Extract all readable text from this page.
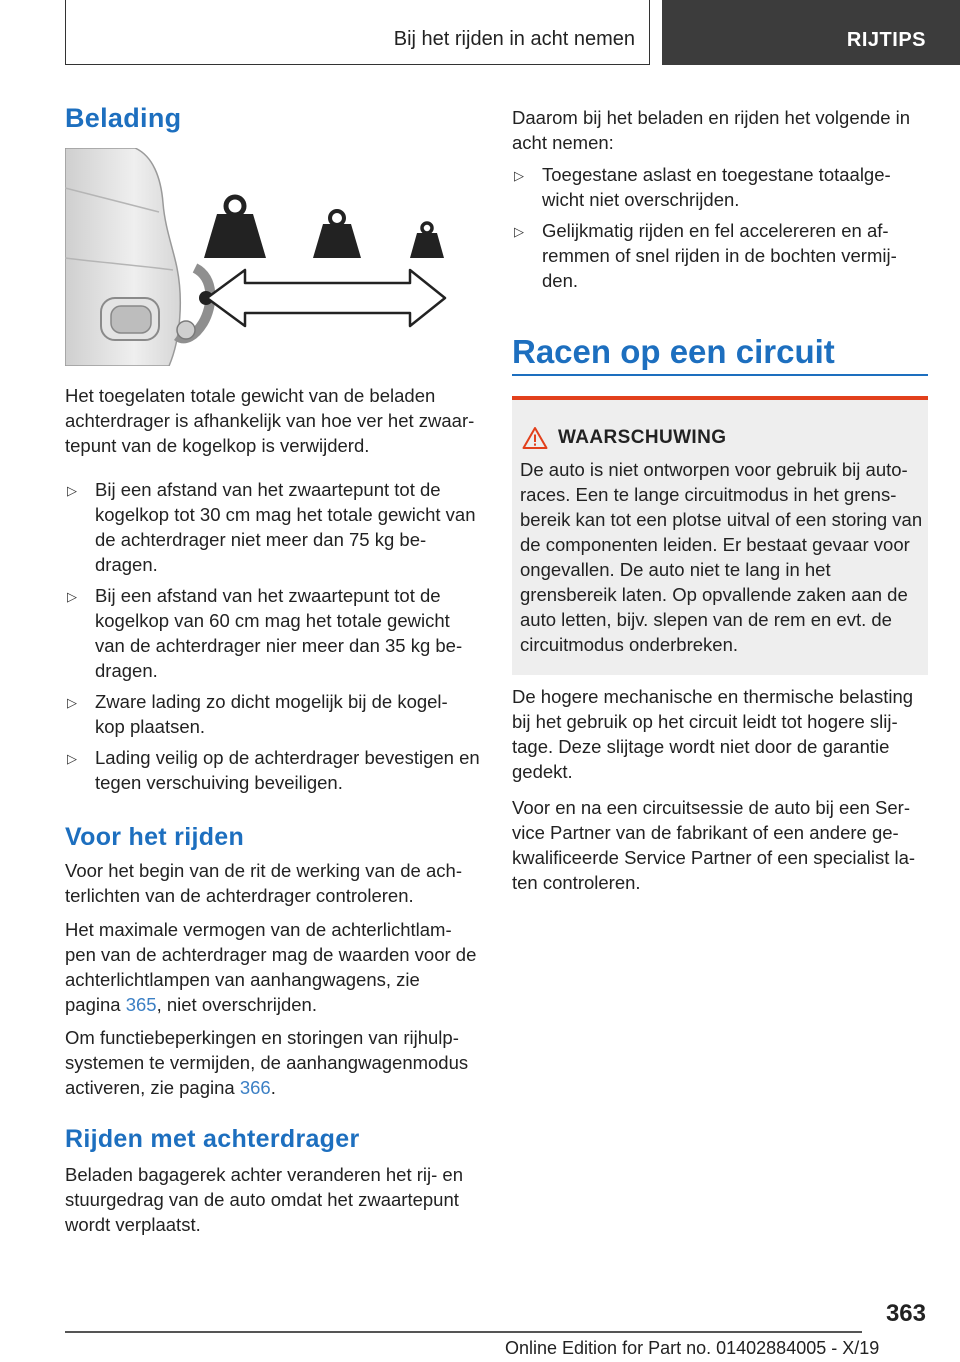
Bij het rijden in acht nemen	RIJTIPS
Belading

Het toegelaten totale gewicht van de beladen achterdrager is afhankelijk van hoe ver het zwaar- tepunt van de kogelkop is verwijderd.

▷ Bij een afstand van het zwaartepunt tot de kogelkop tot 30 cm mag het totale gewicht van de achterdrager niet meer dan 75 kg be- dragen.
▷ Bij een afstand van het zwaartepunt tot de kogelkop van 60 cm mag het totale gewicht van de achterdrager nier meer dan 35 kg be- dragen.
▷ Zware lading zo dicht mogelijk bij de kogel- kop plaatsen.
▷ Lading veilig op de achterdrager bevestigen en tegen verschuiving beveiligen.
Voor het rijden

Voor het begin van de rit de werking van de ach- terlichten van de achterdrager controleren.

Het maximale vermogen van de achterlichtlam- pen van de achterdrager mag de waarden voor de achterlichtlampen van aanhangwagens, zie pagina 365, niet overschrijden.

Om functiebeperkingen en storingen van rijhulp- systemen te vermijden, de aanhangwagenmodus activeren, zie pagina 366.

Rijden met achterdrager

Beladen bagagerek achter veranderen het rij- en stuurgedrag van de auto omdat het zwaartepunt wordt verplaatst.

Daarom bij het beladen en rijden het volgende in acht nemen:

▷ Toegestane aslast en toegestane totaalge- wicht niet overschrijden.
▷ Gelijkmatig rijden en fel accelereren en af- remmen of snel rijden in de bochten vermij- den.
Racen op een circuit
WAARSCHUWING

De auto is niet ontworpen voor gebruik bij auto- races. Een te lange circuitmodus in het grens- bereik kan tot een plotse uitval of een storing van de componenten leiden. Er bestaat gevaar voor ongevallen. De auto niet te lang in het grensbereik laten. Op opvallende zaken aan de auto letten, bijv. slepen van de rem en evt. de circuitmodus onderbreken.

De hogere mechanische en thermische belasting bij het gebruik op het circuit leidt tot hogere slij- tage. Deze slijtage wordt niet door de garantie gedekt.

Voor en na een circuitsessie de auto bij een Ser- vice Partner van de fabrikant of een andere ge- kwalificeerde Service Partner of een specialist la- ten controleren.

363
Online Edition for Part no. 01402884005 - X/19
